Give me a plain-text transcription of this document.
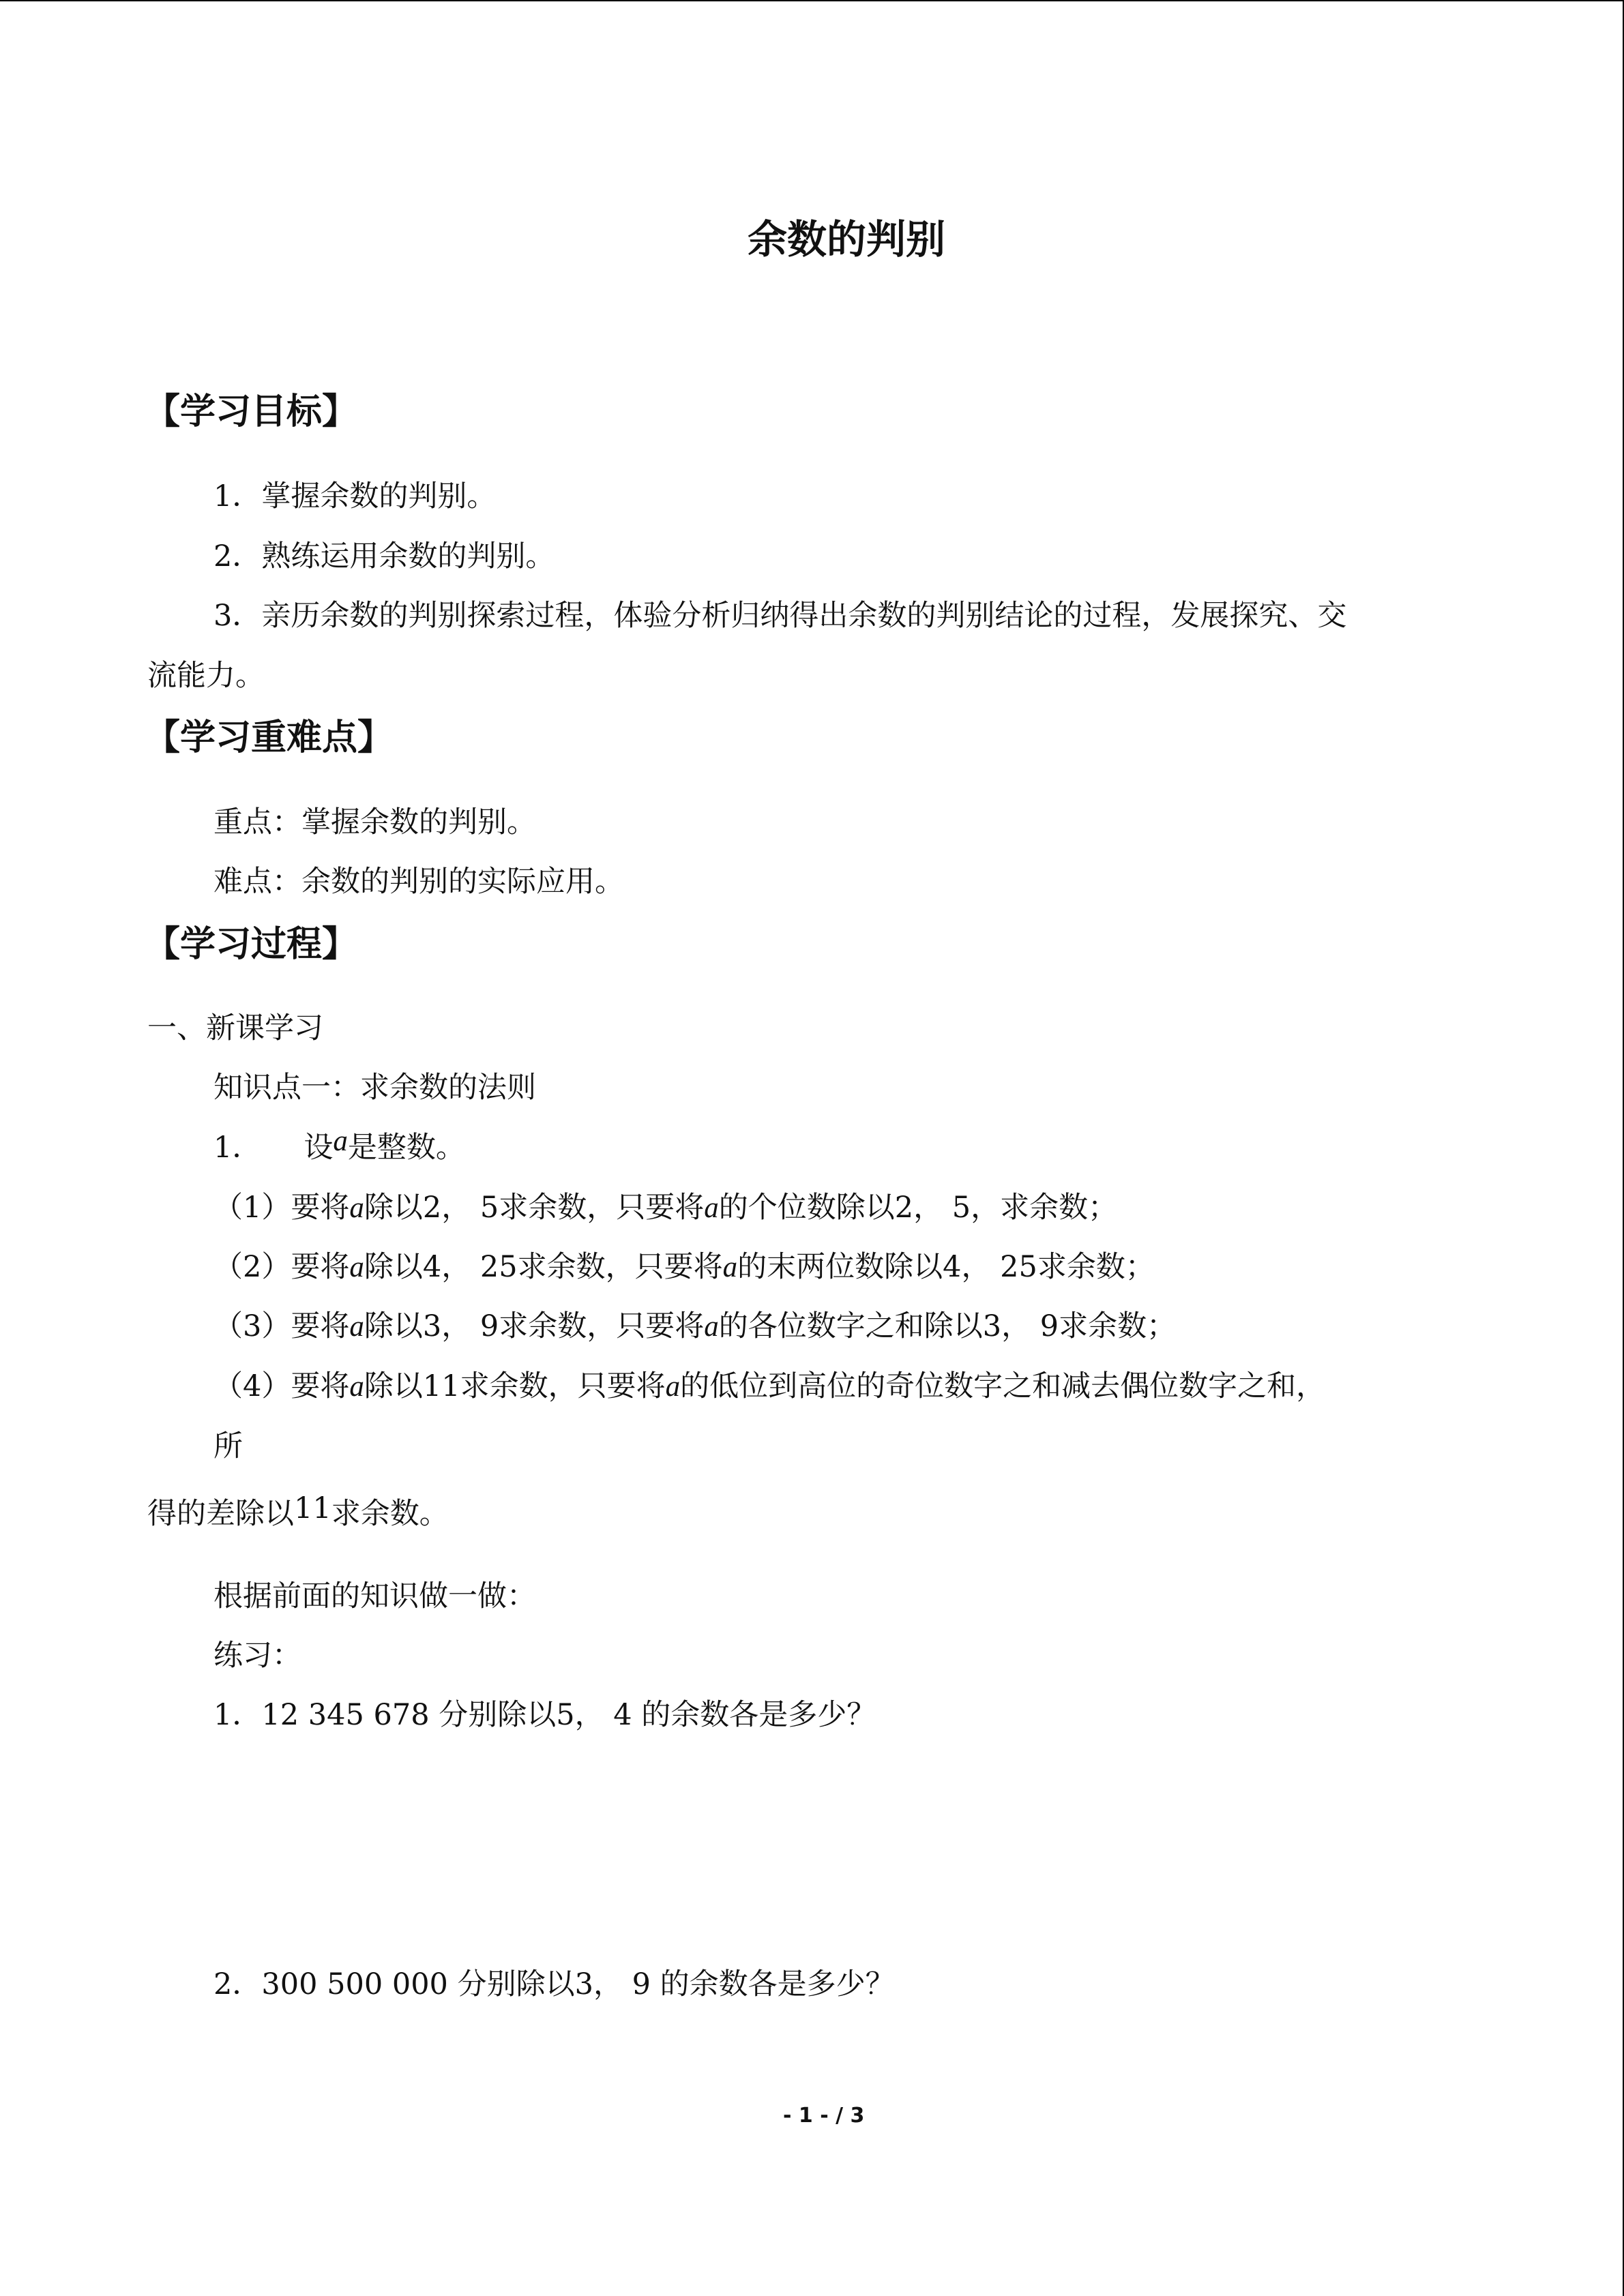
余数的判别
【学习目标】
1．掌握余数的判别。
2．熟练运用余数的判别。
3．亲历余数的判别探索过程，体验分析归纳得出余数的判别结论的过程，发展探究、交
流能力。
【学习重难点】
重点：掌握余数的判别。
难点：余数的判别的实际应用。
【学习过程】
一、新课学习
知识点一：求余数的法则
1． 设a是整数。
（1）要将a除以2， 5求余数，只要将a的个位数除以2， 5，求余数；
（2）要将a除以4， 25求余数，只要将a的末两位数除以4， 25求余数；
（3）要将a除以3， 9求余数，只要将a的各位数字之和除以3， 9求余数；
（4）要将a除以11求余数，只要将a的低位到高位的奇位数字之和减去偶位数字之和，
所
得的差除以11求余数。
根据前面的知识做一做：
练习：
1．12 345 678 分别除以5， 4 的余数各是多少？
2．300 500 000 分别除以3， 9 的余数各是多少？
- 1 - / 3
